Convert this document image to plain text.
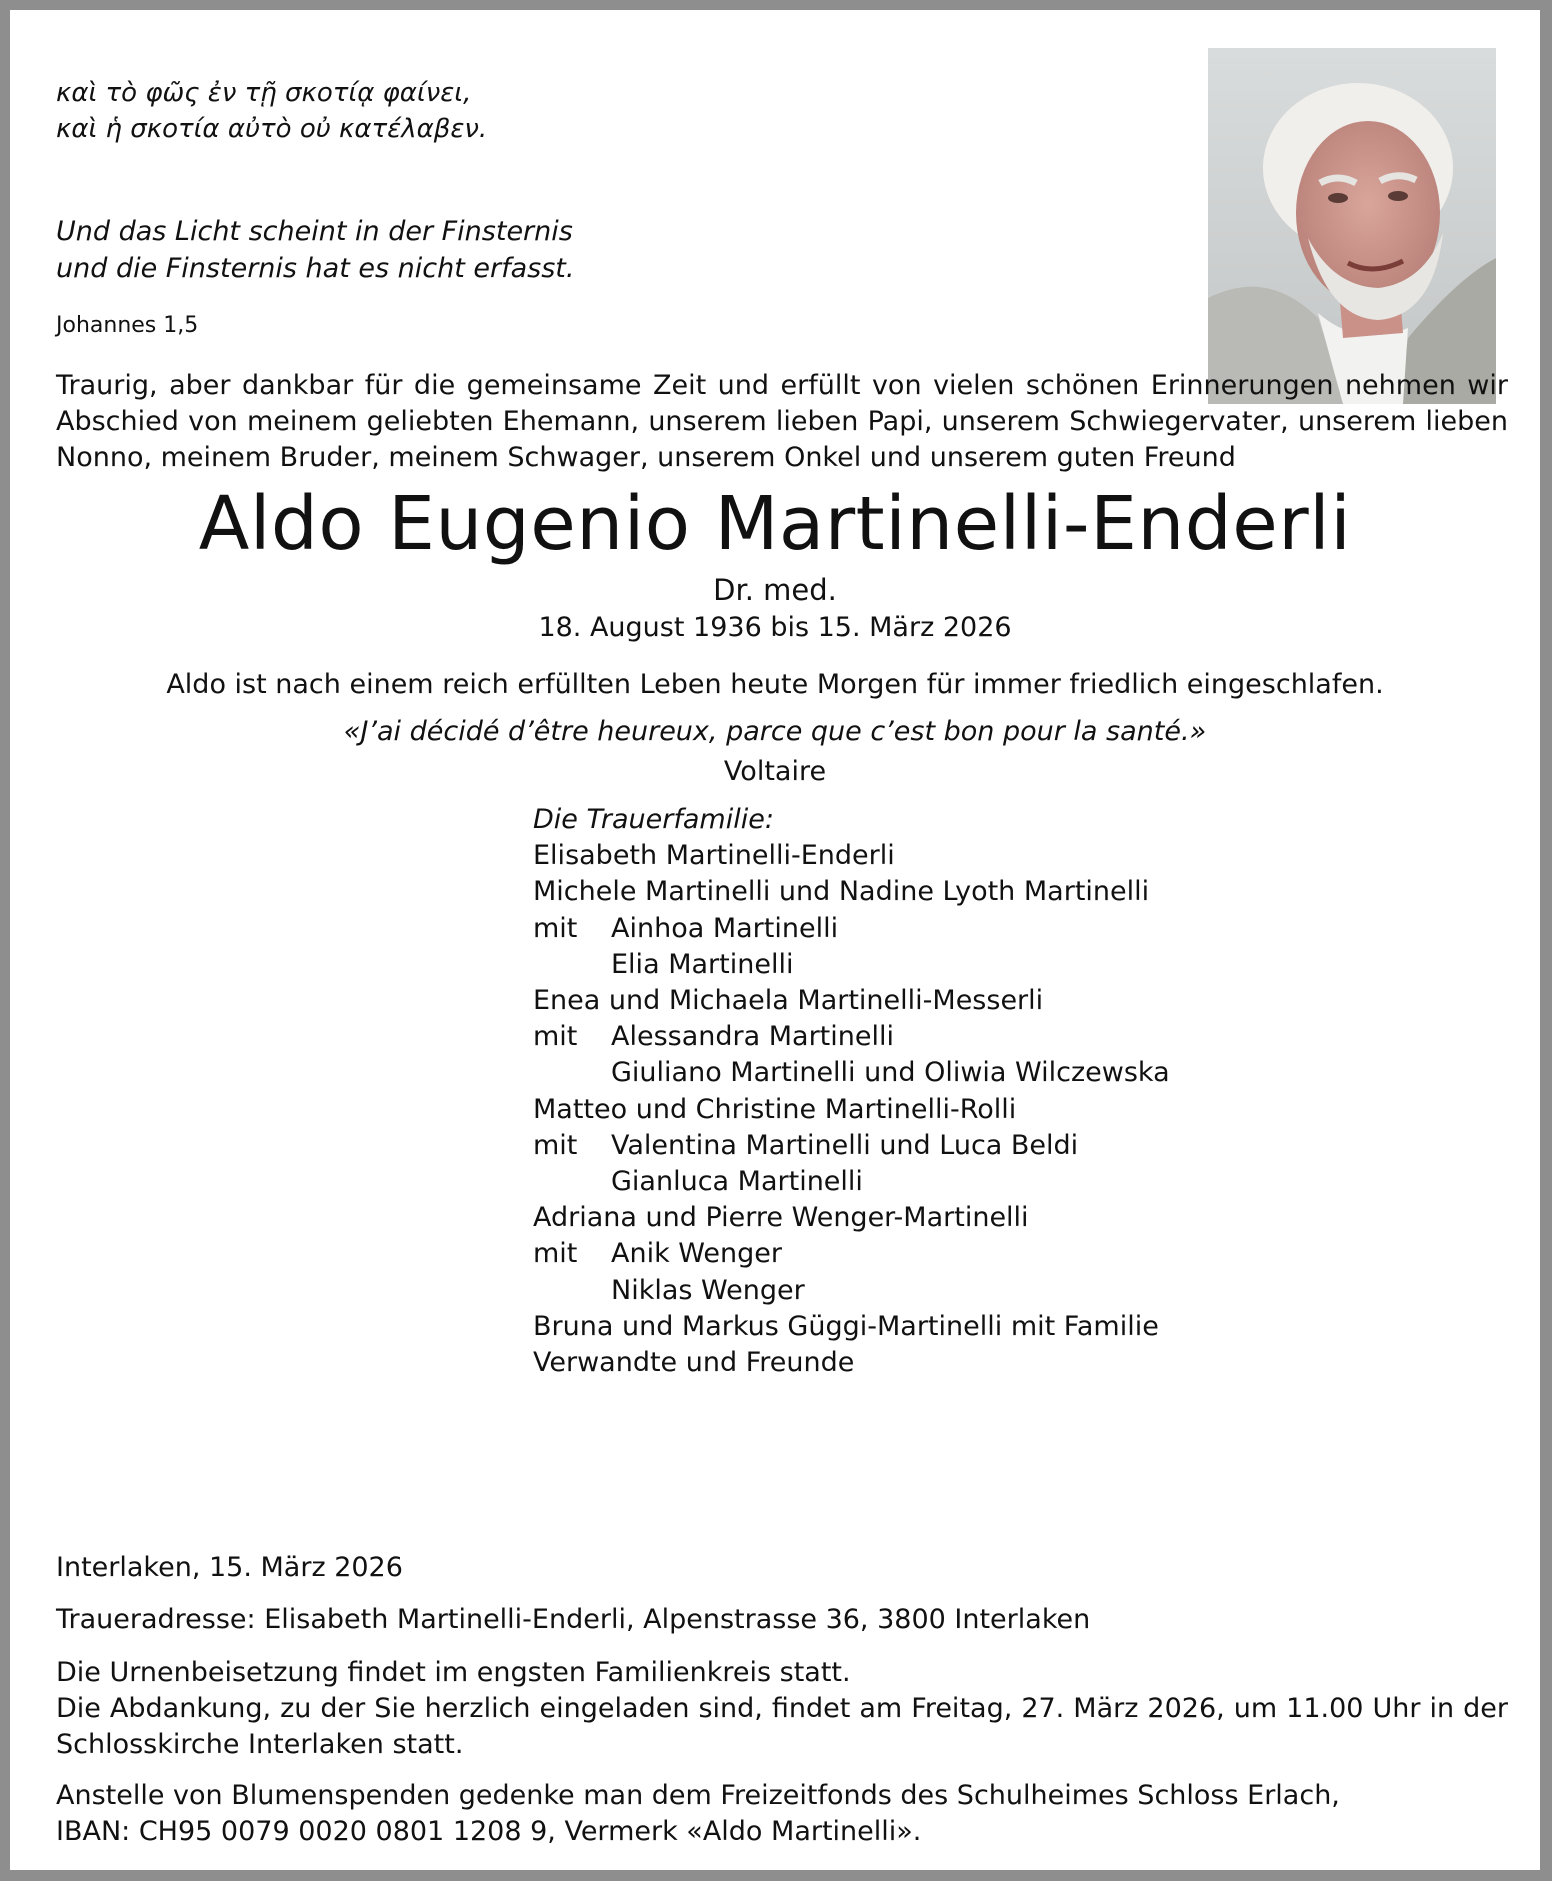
καὶ τὸ φῶς ἐν τῇ σκοτίᾳ φαίνει,
καὶ ἡ σκοτία αὐτὸ οὐ κατέλαβεν.
Und das Licht scheint in der Finsternis
und die Finsternis hat es nicht erfasst.
Johannes 1,5
Traurig, aber dankbar für die gemeinsame Zeit und erfüllt von vielen schönen Erinnerungen nehmen wir Abschied von meinem geliebten Ehemann, unserem lieben Papi, unserem Schwiegervater, unserem lieben Nonno, meinem Bruder, meinem Schwager, unserem Onkel und unserem guten Freund
Aldo Eugenio Martinelli-Enderli
Dr. med.
18. August 1936 bis 15. März 2026
Aldo ist nach einem reich erfüllten Leben heute Morgen für immer friedlich eingeschlafen.
«J’ai décidé d’être heureux, parce que c’est bon pour la santé.»
Voltaire
Die Trauerfamilie:
Elisabeth Martinelli-Enderli
Michele Martinelli und Nadine Lyoth Martinelli
mit	Ainhoa Martinelli
Elia Martinelli
Enea und Michaela Martinelli-Messerli
mit	Alessandra Martinelli
Giuliano Martinelli und Oliwia Wilczewska
Matteo und Christine Martinelli-Rolli
mit	Valentina Martinelli und Luca Beldi
Gianluca Martinelli
Adriana und Pierre Wenger-Martinelli
mit	Anik Wenger
Niklas Wenger
Bruna und Markus Güggi-Martinelli mit Familie
Verwandte und Freunde
Interlaken, 15. März 2026
Traueradresse: Elisabeth Martinelli-Enderli, Alpenstrasse 36, 3800 Interlaken
Die Urnenbeisetzung findet im engsten Familienkreis statt.
Die Abdankung, zu der Sie herzlich eingeladen sind, findet am Freitag, 27. März 2026, um 11.00 Uhr in der Schlosskirche Interlaken statt.
Anstelle von Blumenspenden gedenke man dem Freizeitfonds des Schulheimes Schloss Erlach,
IBAN: CH95 0079 0020 0801 1208 9, Vermerk «Aldo Martinelli».
